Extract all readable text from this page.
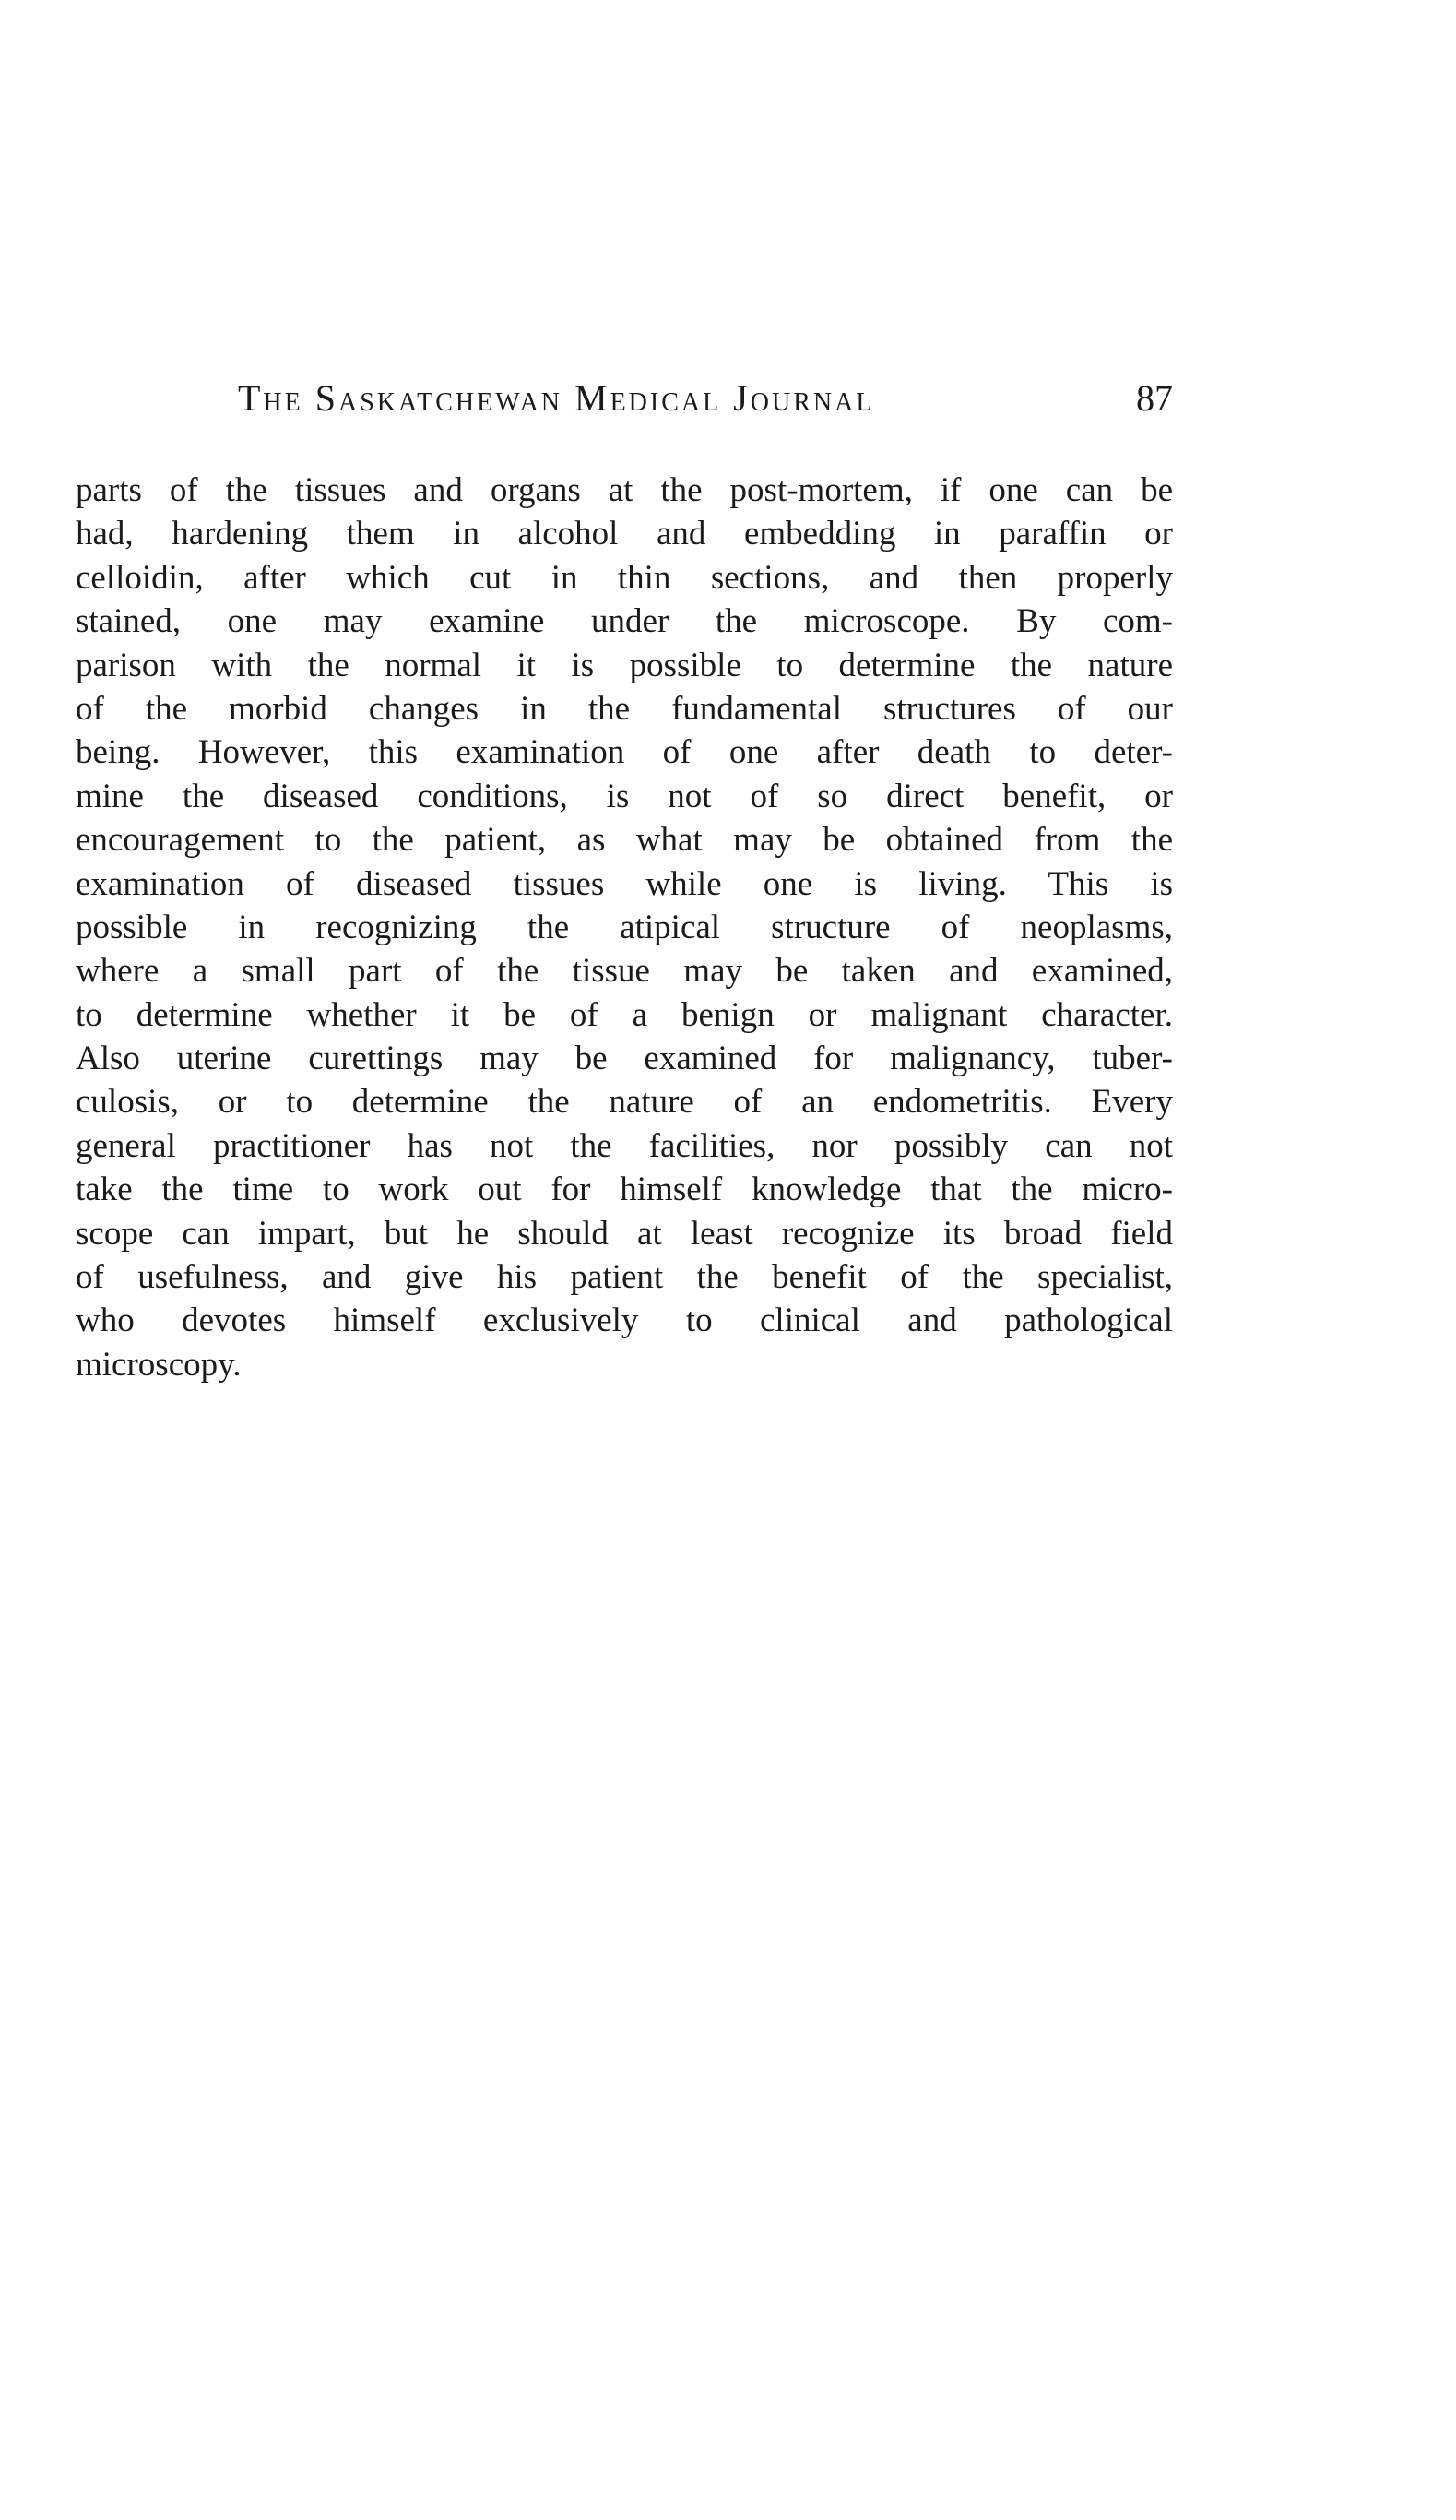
The Saskatchewan Medical Journal	87
parts of the tissues and organs at the post-mortem, if one can be
had, hardening them in alcohol and embedding in paraffin or
celloidin, after which cut in thin sections, and then properly
stained, one may examine under the microscope. By com-
parison with the normal it is possible to determine the nature
of the morbid changes in the fundamental structures of our
being. However, this examination of one after death to deter-
mine the diseased conditions, is not of so direct benefit, or
encouragement to the patient, as what may be obtained from the
examination of diseased tissues while one is living. This is
possible in recognizing the atipical structure of neoplasms,
where a small part of the tissue may be taken and examined,
to determine whether it be of a benign or malignant character.
Also uterine curettings may be examined for malignancy, tuber-
culosis, or to determine the nature of an endometritis. Every
general practitioner has not the facilities, nor possibly can not
take the time to work out for himself knowledge that the micro-
scope can impart, but he should at least recognize its broad field
of usefulness, and give his patient the benefit of the specialist,
who devotes himself exclusively to clinical and pathological
microscopy.
